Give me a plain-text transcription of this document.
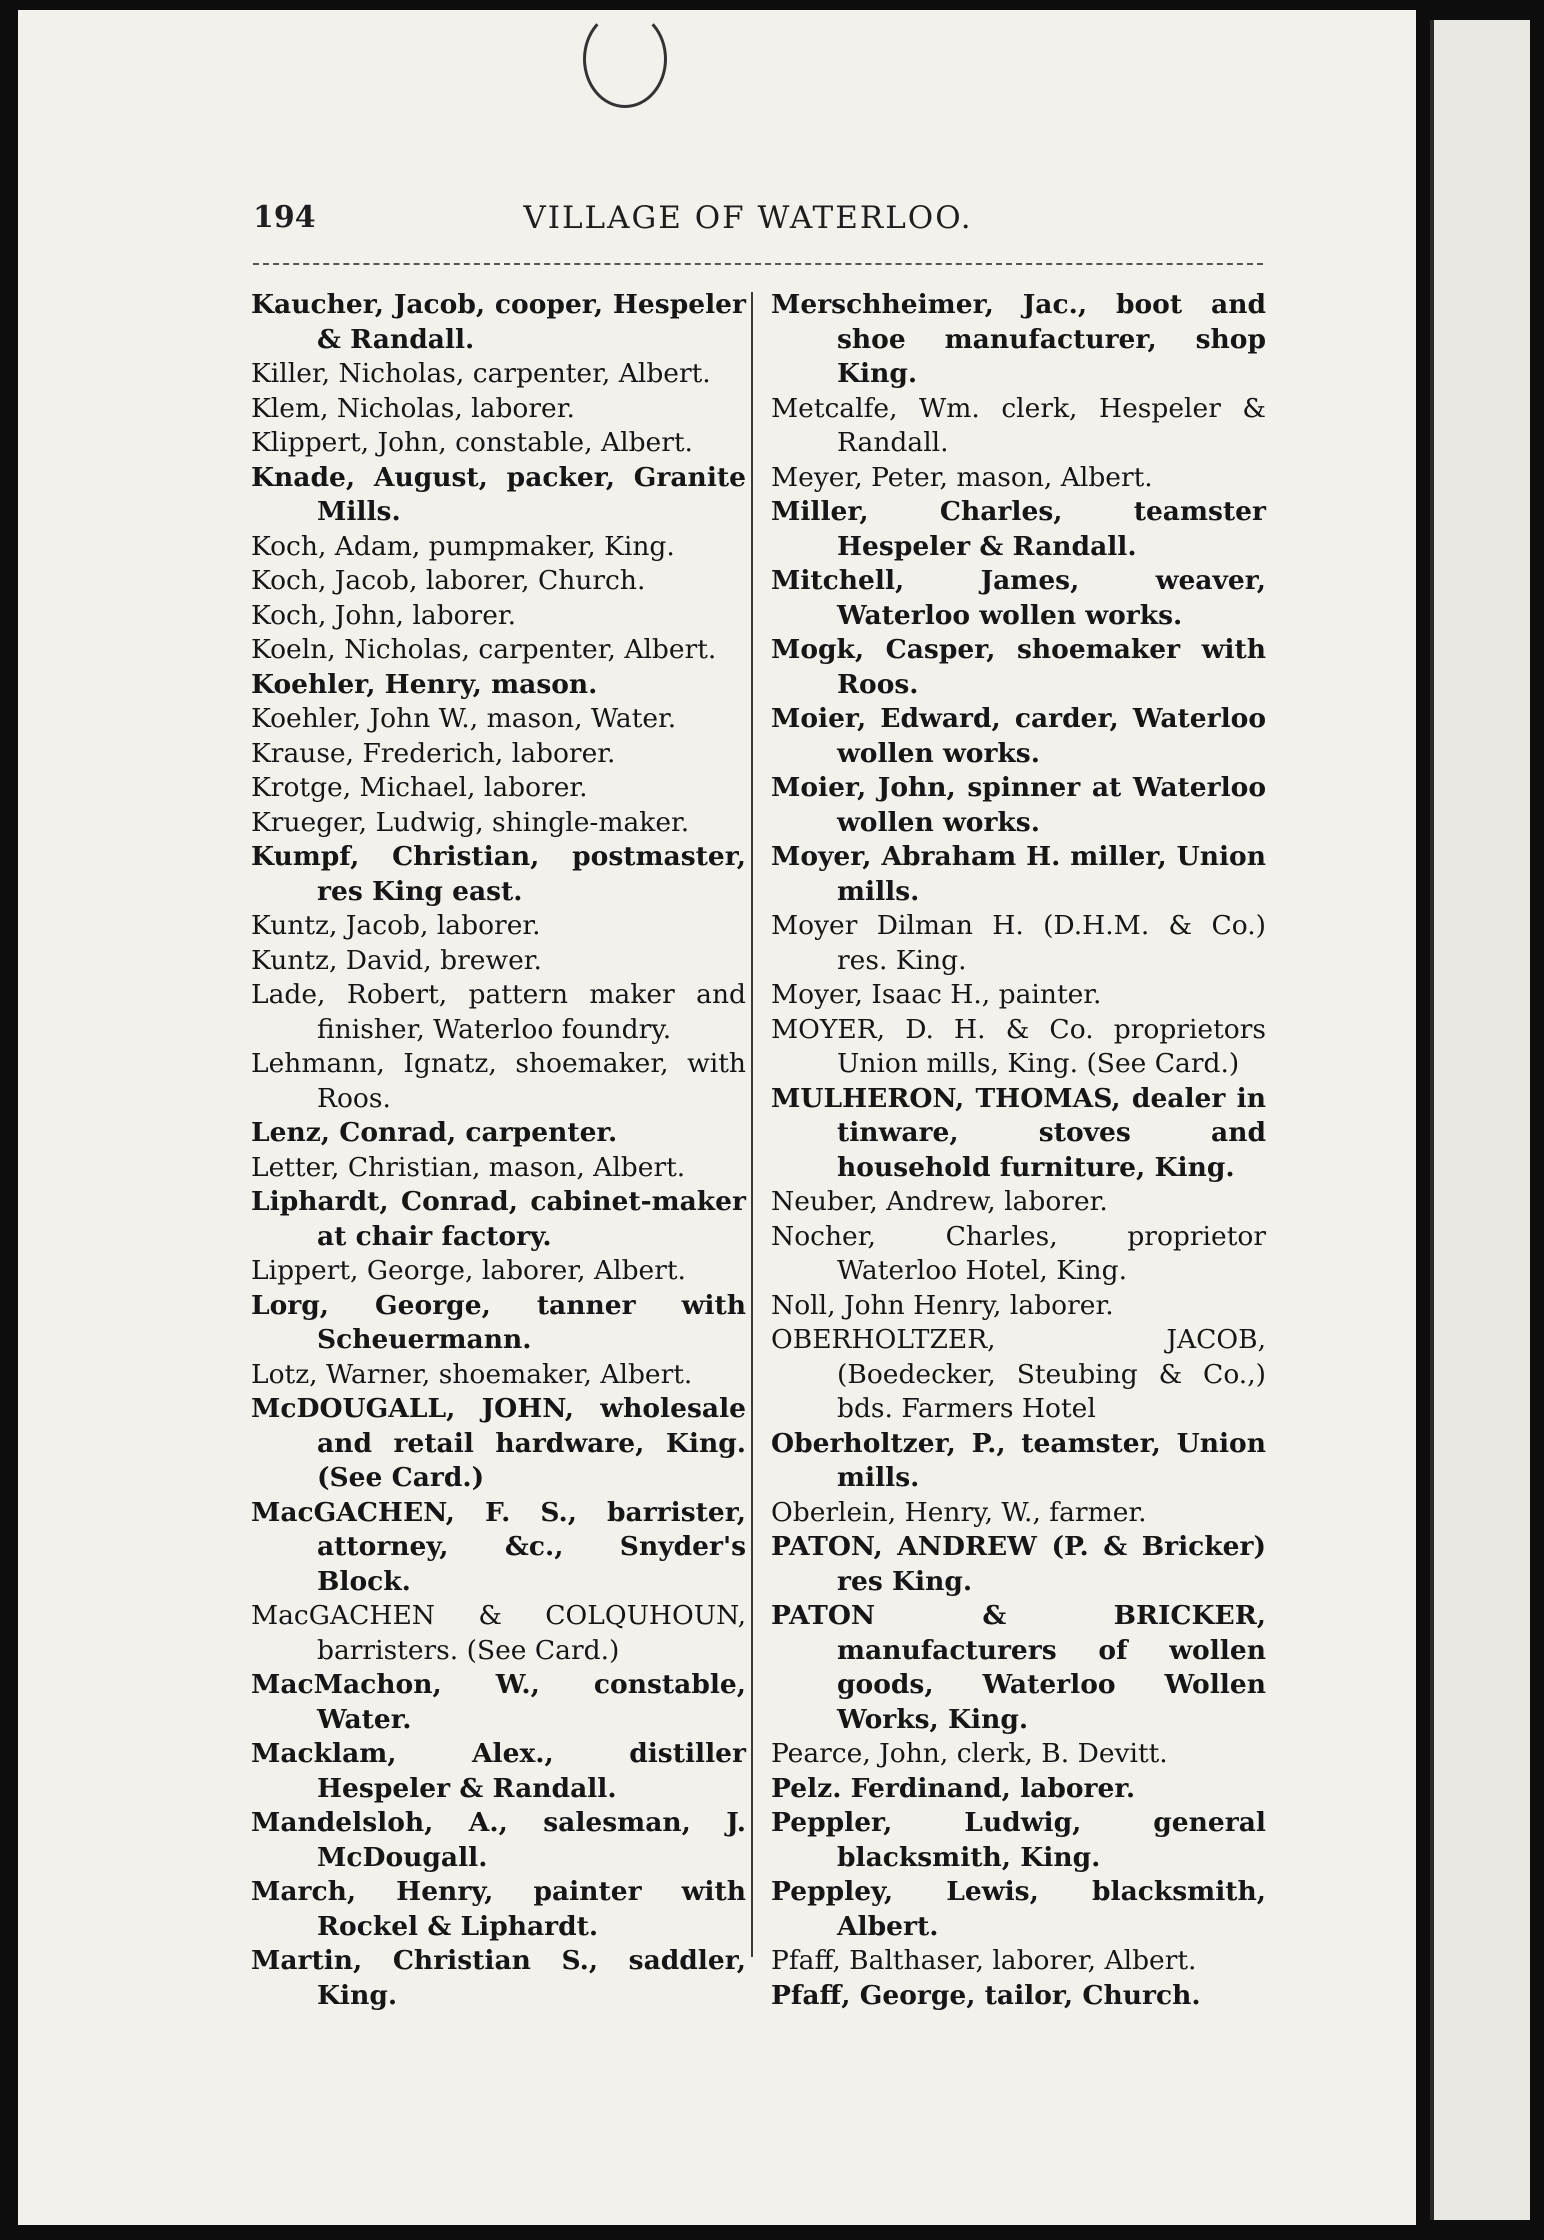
194	VILLAGE OF WATERLOO.

Kaucher, Jacob, cooper, Hespeler & Randall.

Killer, Nicholas, carpenter, Albert.

Klem, Nicholas, laborer.

Klippert, John, constable, Albert.

Knade, August, packer, Granite Mills.

Koch, Adam, pumpmaker, King.

Koch, Jacob, laborer, Church.

Koch, John, laborer.

Koeln, Nicholas, carpenter, Albert.

Koehler, Henry, mason.

Koehler, John W., mason, Water.

Krause, Frederich, laborer.

Krotge, Michael, laborer.

Krueger, Ludwig, shingle-maker.

Kumpf, Christian, postmaster, res King east.

Kuntz, Jacob, laborer.

Kuntz, David, brewer.

Lade, Robert, pattern maker and finisher, Waterloo foundry.

Lehmann, Ignatz, shoemaker, with Roos.

Lenz, Conrad, carpenter.

Letter, Christian, mason, Albert.

Liphardt, Conrad, cabinet-maker at chair factory.

Lippert, George, laborer, Albert.

Lorg, George, tanner with Scheuermann.

Lotz, Warner, shoemaker, Albert.

McDOUGALL, JOHN, wholesale and retail hardware, King. (See Card.)

MacGACHEN, F. S., barrister, attorney, &c., Snyder's Block.

MacGACHEN & COLQUHOUN, barristers. (See Card.)

MacMachon, W., constable, Water.

Macklam, Alex., distiller Hespeler & Randall.

Mandelsloh, A., salesman, J. McDougall.

March, Henry, painter with Rockel & Liphardt.

Martin, Christian S., saddler, King.

Merschheimer, Jac., boot and shoe manufacturer, shop King.

Metcalfe, Wm. clerk, Hespeler & Randall.

Meyer, Peter, mason, Albert.

Miller, Charles, teamster Hespeler & Randall.

Mitchell, James, weaver, Waterloo wollen works.

Mogk, Casper, shoemaker with Roos.

Moier, Edward, carder, Waterloo wollen works.

Moier, John, spinner at Waterloo wollen works.

Moyer, Abraham H. miller, Union mills.

Moyer Dilman H. (D.H.M. & Co.) res. King.

Moyer, Isaac H., painter.

MOYER, D. H. & Co. proprietors Union mills, King. (See Card.)

MULHERON, THOMAS, dealer in tinware, stoves and household furniture, King.

Neuber, Andrew, laborer.

Nocher, Charles, proprietor Waterloo Hotel, King.

Noll, John Henry, laborer.

OBERHOLTZER, JACOB, (Boedecker, Steubing & Co.,) bds. Farmers Hotel

Oberholtzer, P., teamster, Union mills.

Oberlein, Henry, W., farmer.

PATON, ANDREW (P. & Bricker) res King.

PATON & BRICKER, manufacturers of wollen goods, Waterloo Wollen Works, King.

Pearce, John, clerk, B. Devitt.

Pelz. Ferdinand, laborer.

Peppler, Ludwig, general blacksmith, King.

Peppley, Lewis, blacksmith, Albert.

Pfaff, Balthaser, laborer, Albert.

Pfaff, George, tailor, Church.
